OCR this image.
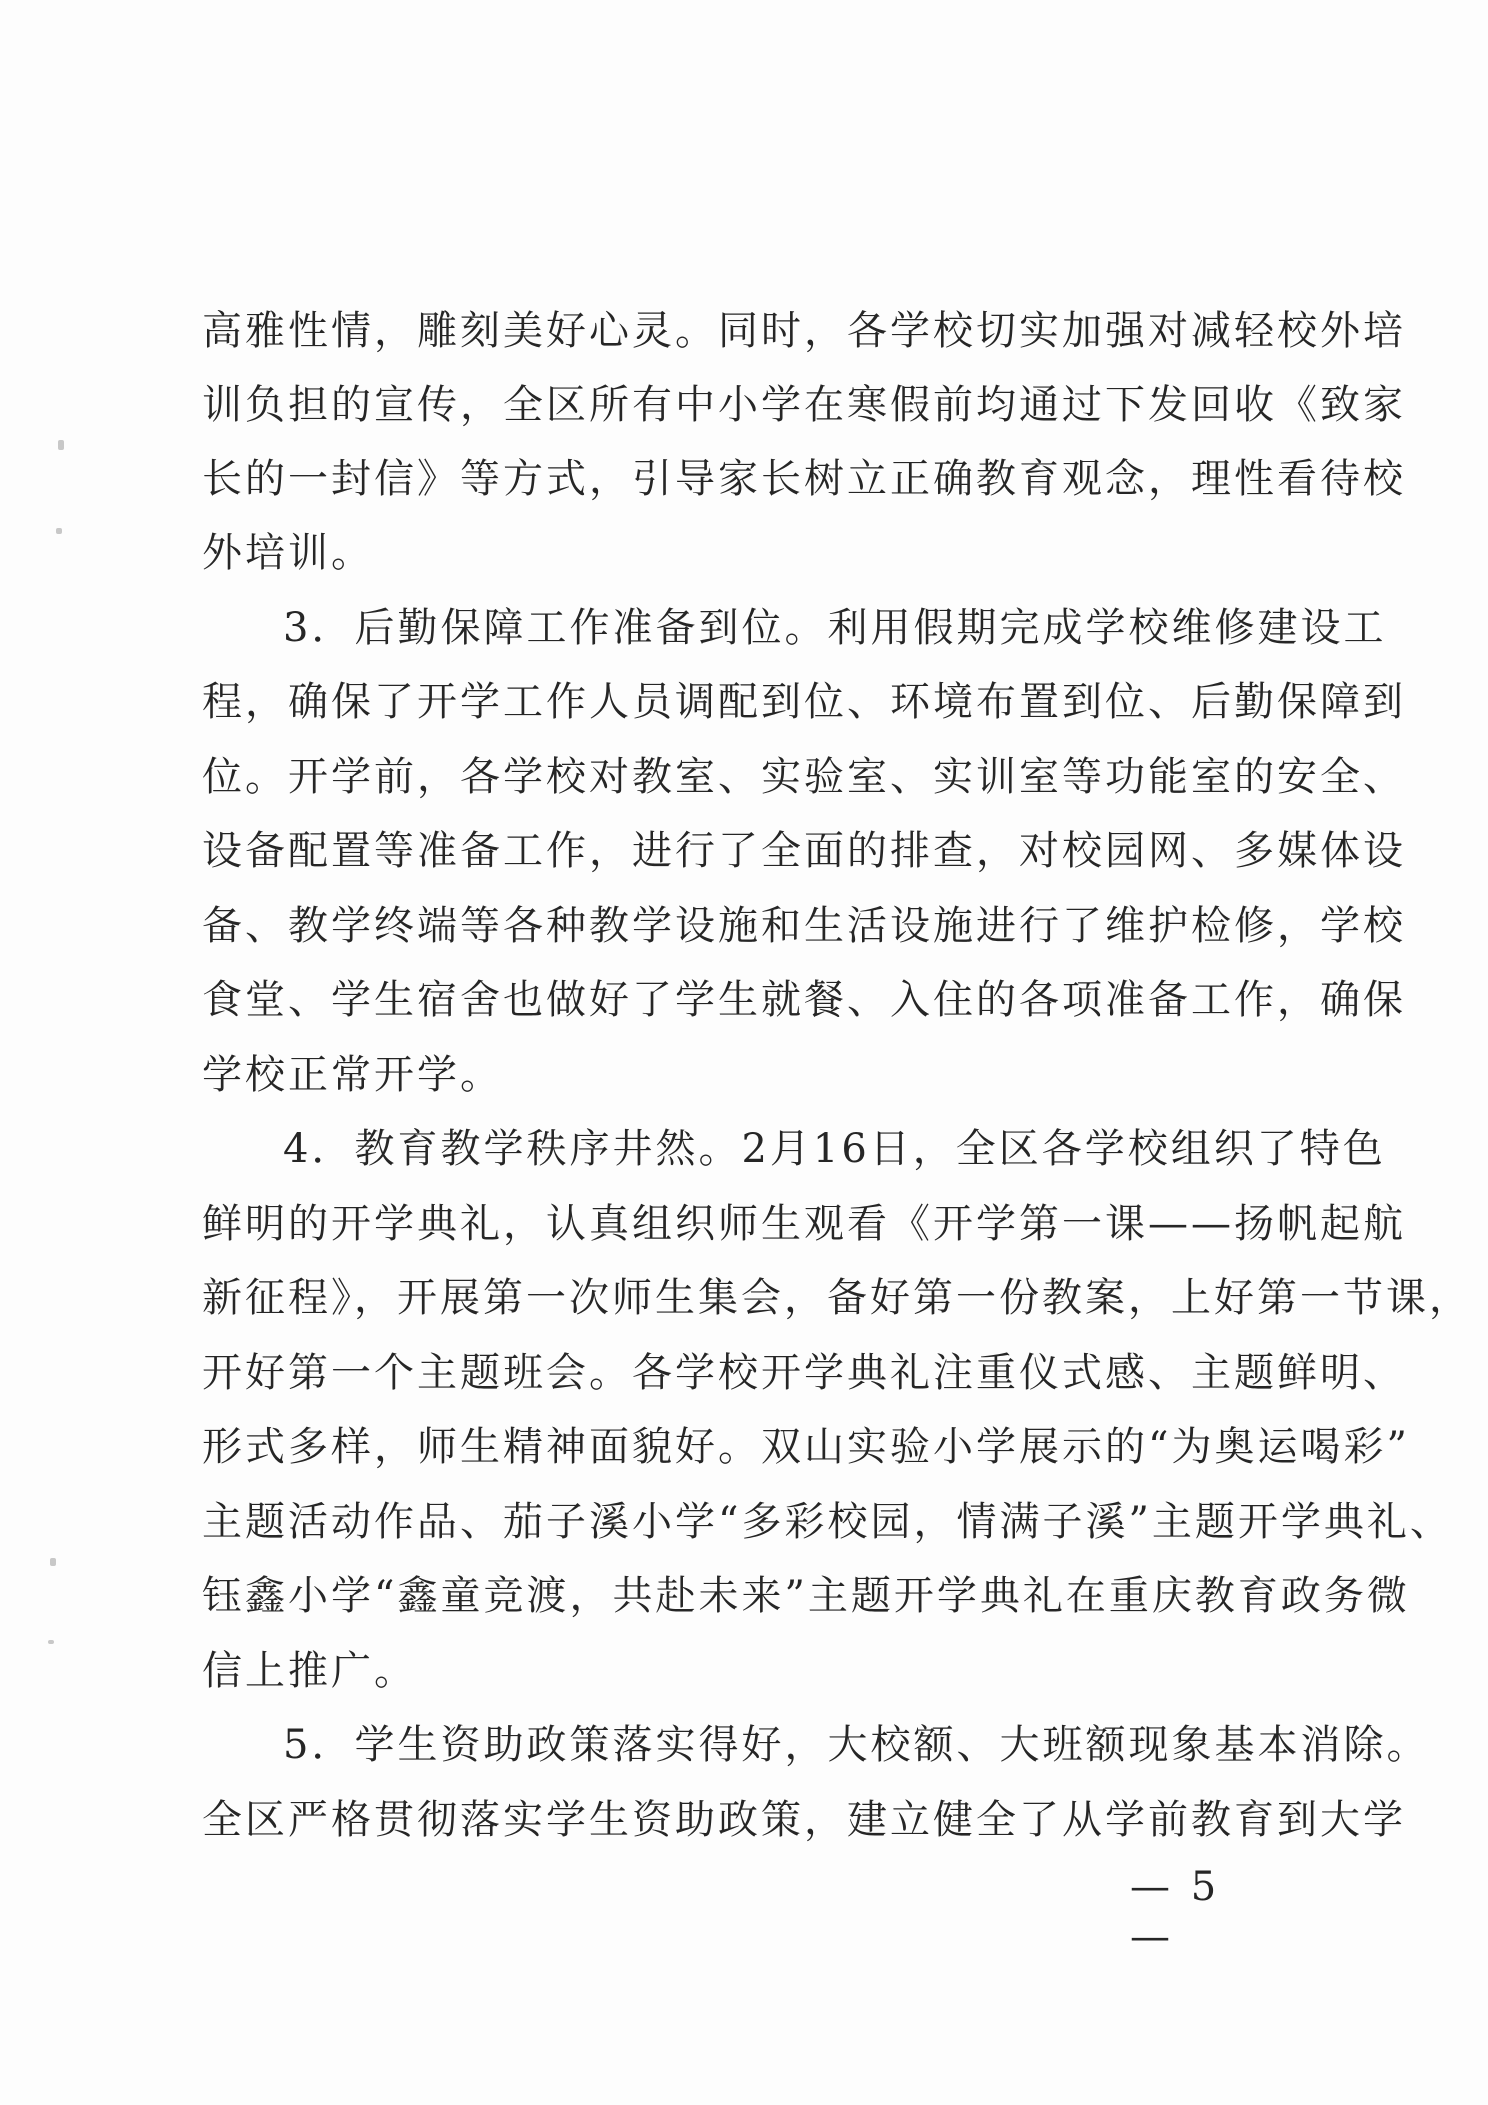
高雅性情，雕刻美好心灵。同时，各学校切实加强对减轻校外培
训负担的宣传，全区所有中小学在寒假前均通过下发回收《致家
长的一封信》等方式，引导家长树立正确教育观念，理性看待校
外培训。
3．后勤保障工作准备到位。利用假期完成学校维修建设工
程，确保了开学工作人员调配到位、环境布置到位、后勤保障到
位。开学前，各学校对教室、实验室、实训室等功能室的安全、
设备配置等准备工作，进行了全面的排查，对校园网、多媒体设
备、教学终端等各种教学设施和生活设施进行了维护检修，学校
食堂、学生宿舍也做好了学生就餐、入住的各项准备工作，确保
学校正常开学。
4．教育教学秩序井然。2月16日，全区各学校组织了特色
鲜明的开学典礼，认真组织师生观看《开学第一课——扬帆起航
新征程》，开展第一次师生集会，备好第一份教案，上好第一节课，
开好第一个主题班会。各学校开学典礼注重仪式感、主题鲜明、
形式多样，师生精神面貌好。双山实验小学展示的“为奥运喝彩”
主题活动作品、茄子溪小学“多彩校园，情满子溪”主题开学典礼、
钰鑫小学“鑫童竞渡，共赴未来”主题开学典礼在重庆教育政务微
信上推广。
5．学生资助政策落实得好，大校额、大班额现象基本消除。
全区严格贯彻落实学生资助政策，建立健全了从学前教育到大学
— 5 —
